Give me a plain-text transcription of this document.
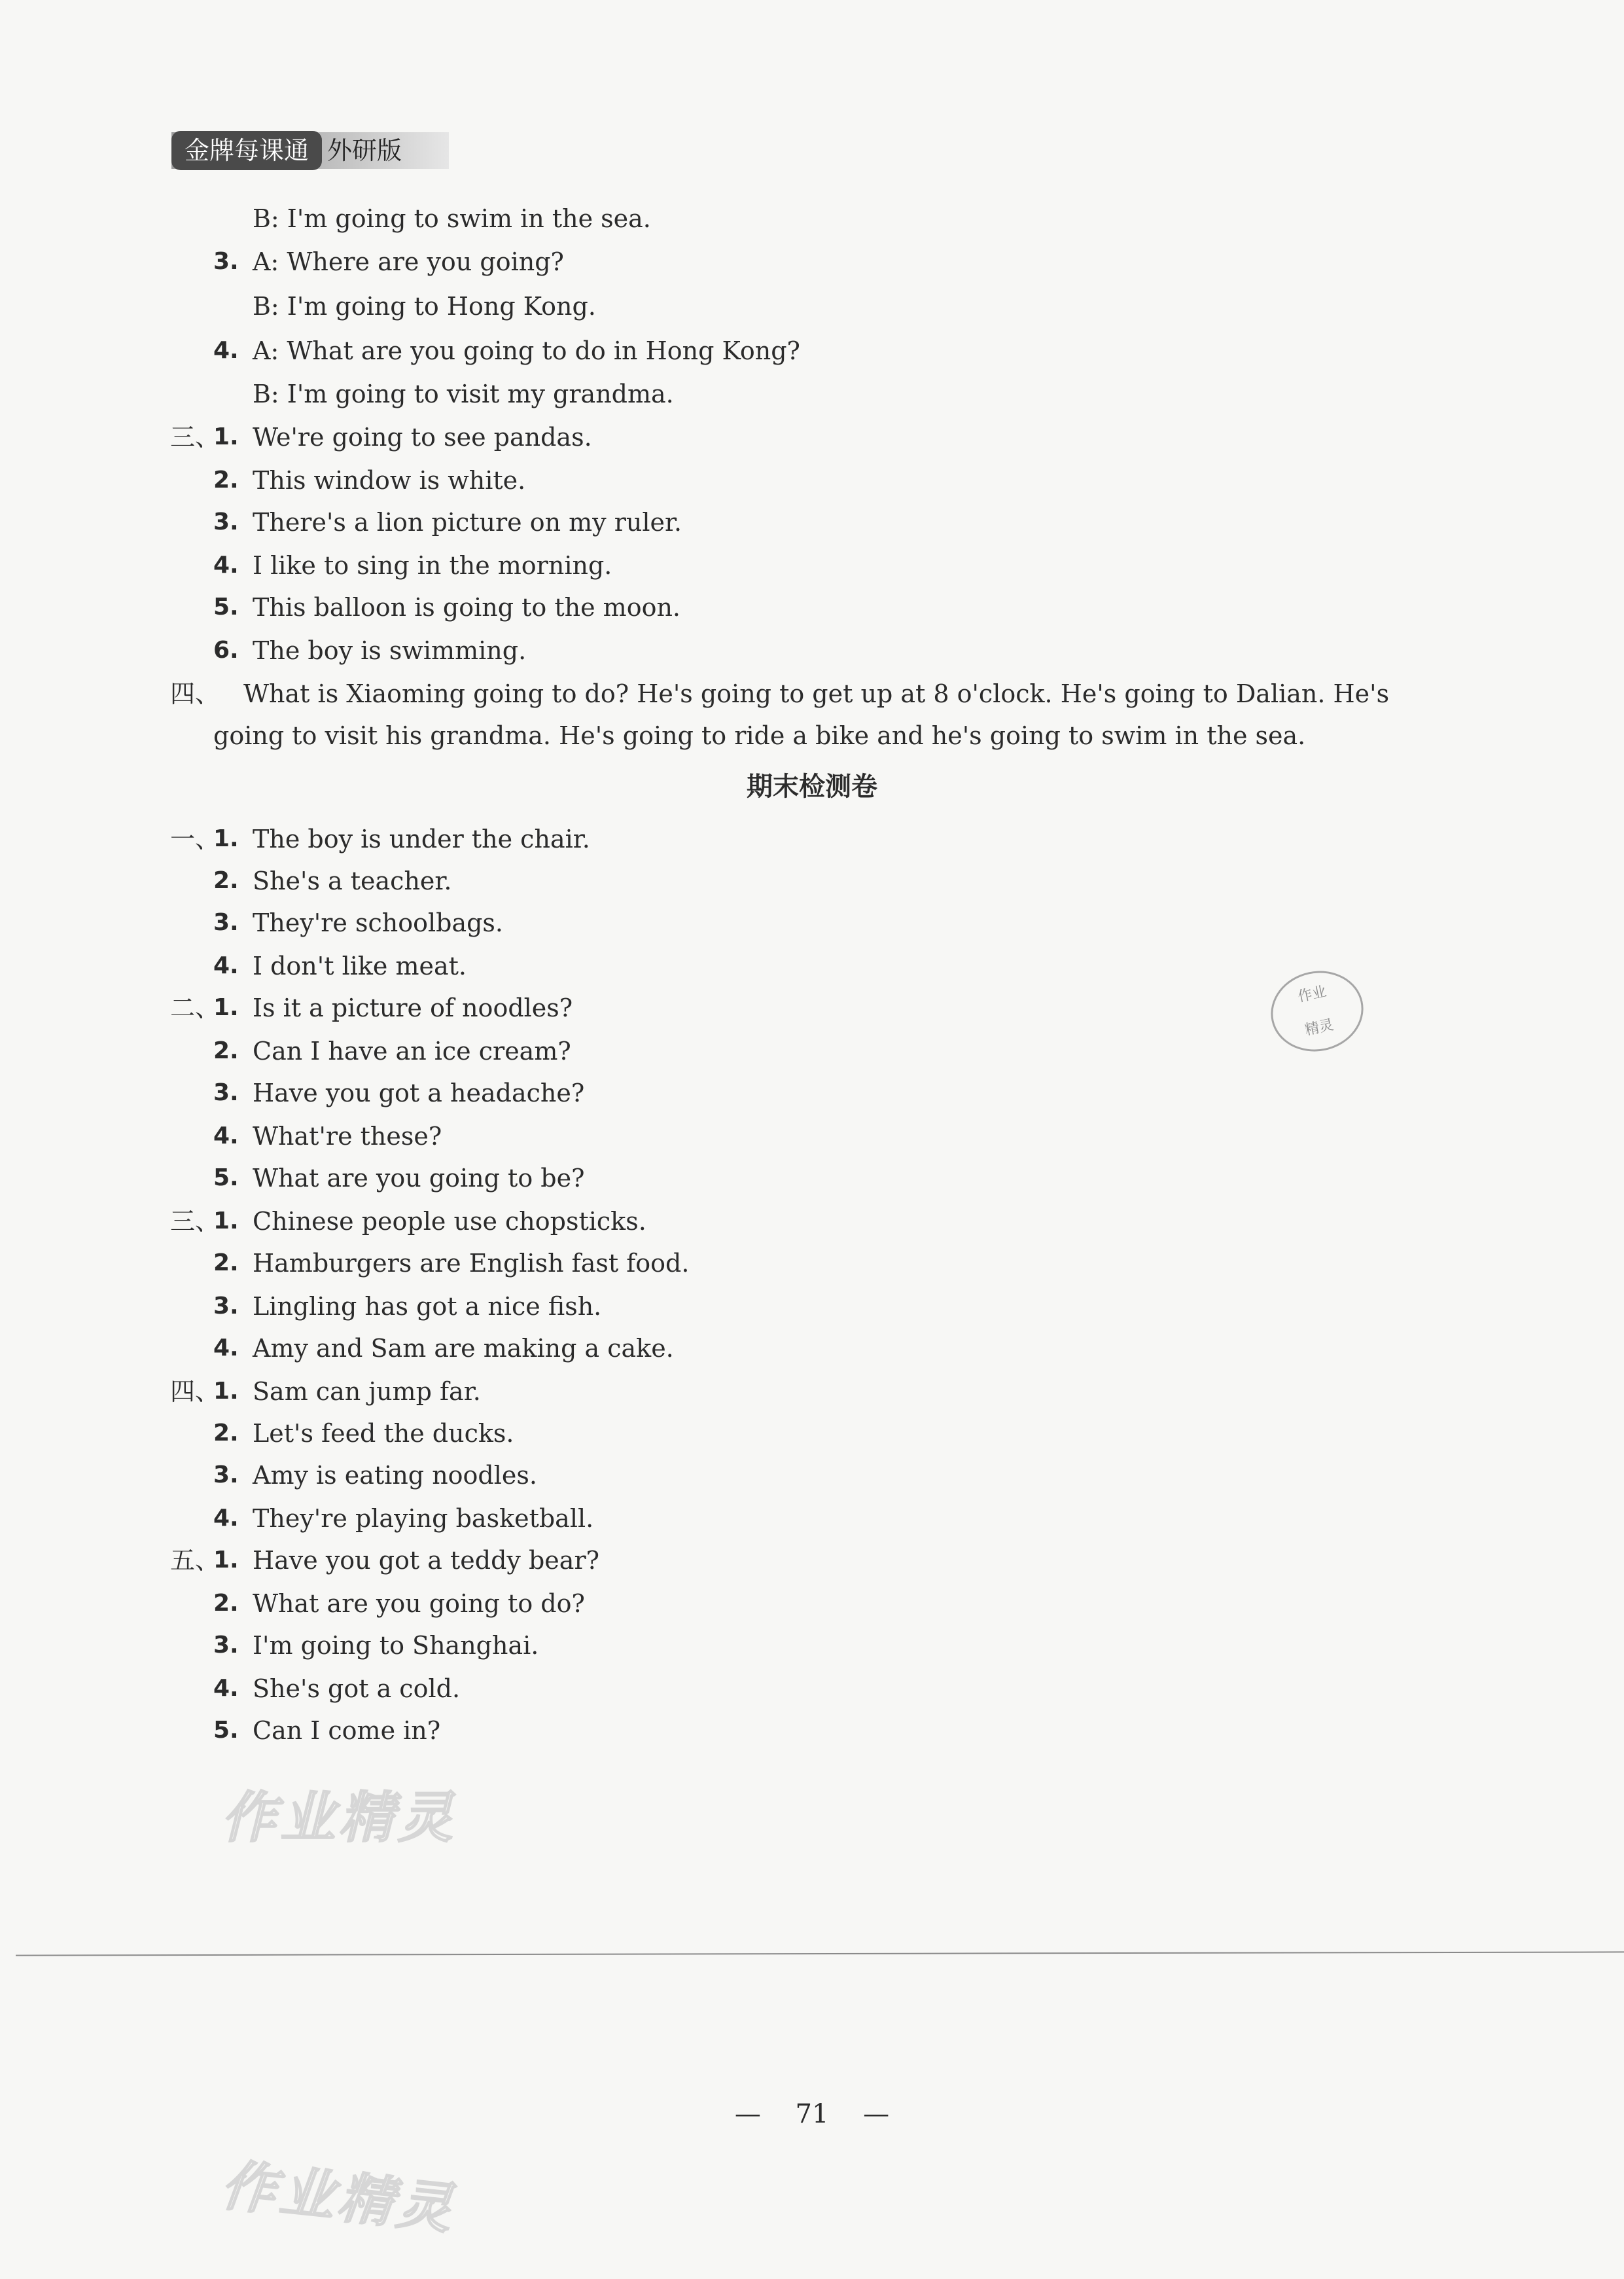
金牌每课通 外研版
B: I'm going to swim in the sea.
3. A: Where are you going?
B: I'm going to Hong Kong.
4. A: What are you going to do in Hong Kong?
B: I'm going to visit my grandma.
三、
1. We're going to see pandas.
2. This window is white.
3. There's a lion picture on my ruler.
4. I like to sing in the morning.
5. This balloon is going to the moon.
6. The boy is swimming.
四、 What is Xiaoming going to do? He's going to get up at 8 o'clock. He's going to Dalian. He's
going to visit his grandma. He's going to ride a bike and he's going to swim in the sea.
一、
1. The boy is under the chair.
2. She's a teacher.
3. They're schoolbags.
4. I don't like meat.
二、
1. Is it a picture of noodles?
2. Can I have an ice cream?
3. Have you got a headache?
4. What're these?
5. What are you going to be?
三、
1. Chinese people use chopsticks.
2. Hamburgers are English fast food.
3. Lingling has got a nice fish.
4. Amy and Sam are making a cake.
四、
1. Sam can jump far.
2. Let's feed the ducks.
3. Amy is eating noodles.
4. They're playing basketball.
五、
1. Have you got a teddy bear?
2. What are you going to do?
3. I'm going to Shanghai.
4. She's got a cold.
5. Can I come in?
期末检测卷
作业
精灵
作业精灵
— 71 —
作业精灵
